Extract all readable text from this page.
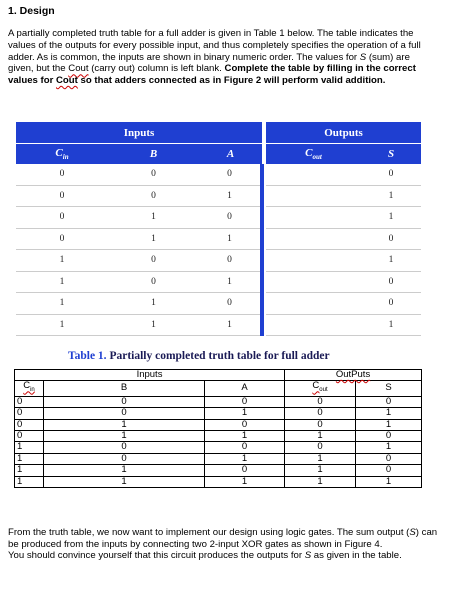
1. Design
A partially completed truth table for a full adder is given in Table 1 below. The table indicates the values of the outputs for every possible input, and thus completely specifies the operation of a full adder. As is common, the inputs are shown in binary numeric order. The values for S (sum) are given, but the Cout (carry out) column is left blank. Complete the table by filling in the correct values for Cout so that adders connected as in Figure 2 will perform valid addition.
Inputs				Outputs	
$C_{in}$	B	A		$C_{out}$	S
0	0	0			0
0	0	1			1
0	1	0			1
0	1	1			0
1	0	0			1
1	0	1			0
1	1	0			0
1	1	1			1
Table 1. Partially completed truth table for full adder
Inputs			OutPuts	
$C_{in}$	B	A	$C_{out}$	S
0	0	0	0	0
0	0	1	0	1
0	1	0	0	1
0	1	1	1	0
1	0	0	0	1
1	0	1	1	0
1	1	0	1	0
1	1	1	1	1
From the truth table, we now want to implement our design using logic gates. The sum output (S) can be produced from the inputs by connecting two 2-input XOR gates as shown in Figure 4.
You should convince yourself that this circuit produces the outputs for S as given in the table.
